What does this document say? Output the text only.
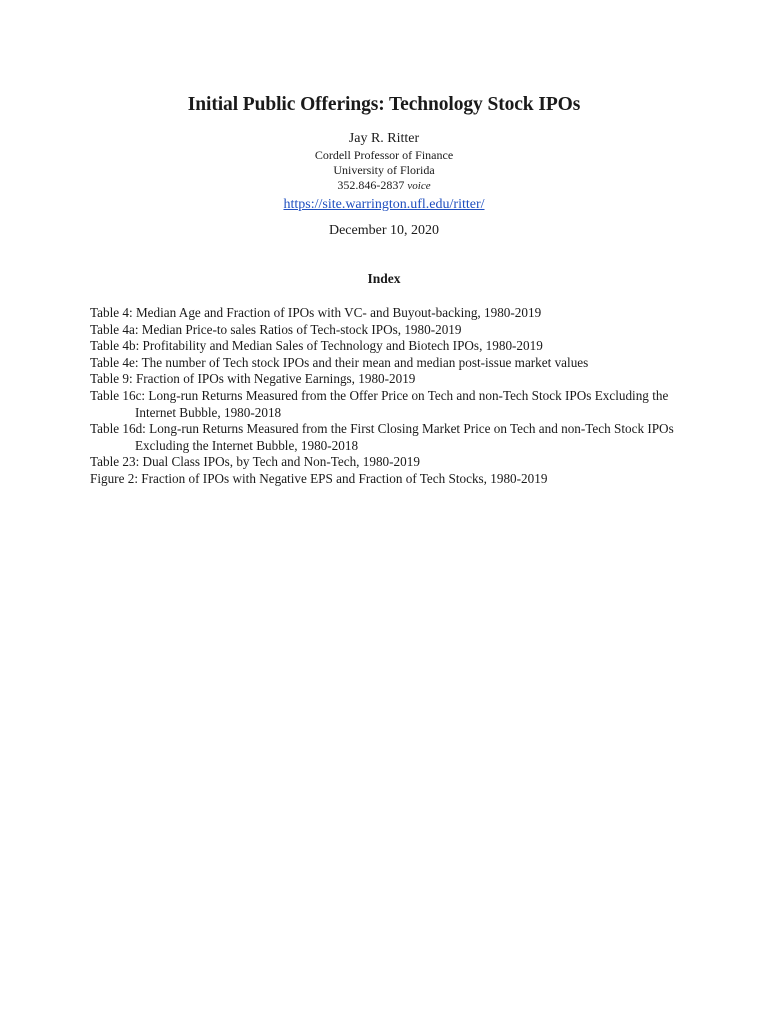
Initial Public Offerings: Technology Stock IPOs
Jay R. Ritter
Cordell Professor of Finance
University of Florida
352.846-2837 voice
https://site.warrington.ufl.edu/ritter/
December 10, 2020
Index
Table 4: Median Age and Fraction of IPOs with VC- and Buyout-backing, 1980-2019
Table 4a: Median Price-to sales Ratios of Tech-stock IPOs, 1980-2019
Table 4b: Profitability and Median Sales of Technology and Biotech IPOs, 1980-2019
Table 4e: The number of Tech stock IPOs and their mean and median post-issue market values
Table 9: Fraction of IPOs with Negative Earnings, 1980-2019
Table 16c: Long-run Returns Measured from the Offer Price on Tech and non-Tech Stock IPOs Excluding the Internet Bubble, 1980-2018
Table 16d: Long-run Returns Measured from the First Closing Market Price on Tech and non-Tech Stock IPOs Excluding the Internet Bubble, 1980-2018
Table 23: Dual Class IPOs, by Tech and Non-Tech, 1980-2019
Figure 2: Fraction of IPOs with Negative EPS and Fraction of Tech Stocks, 1980-2019
